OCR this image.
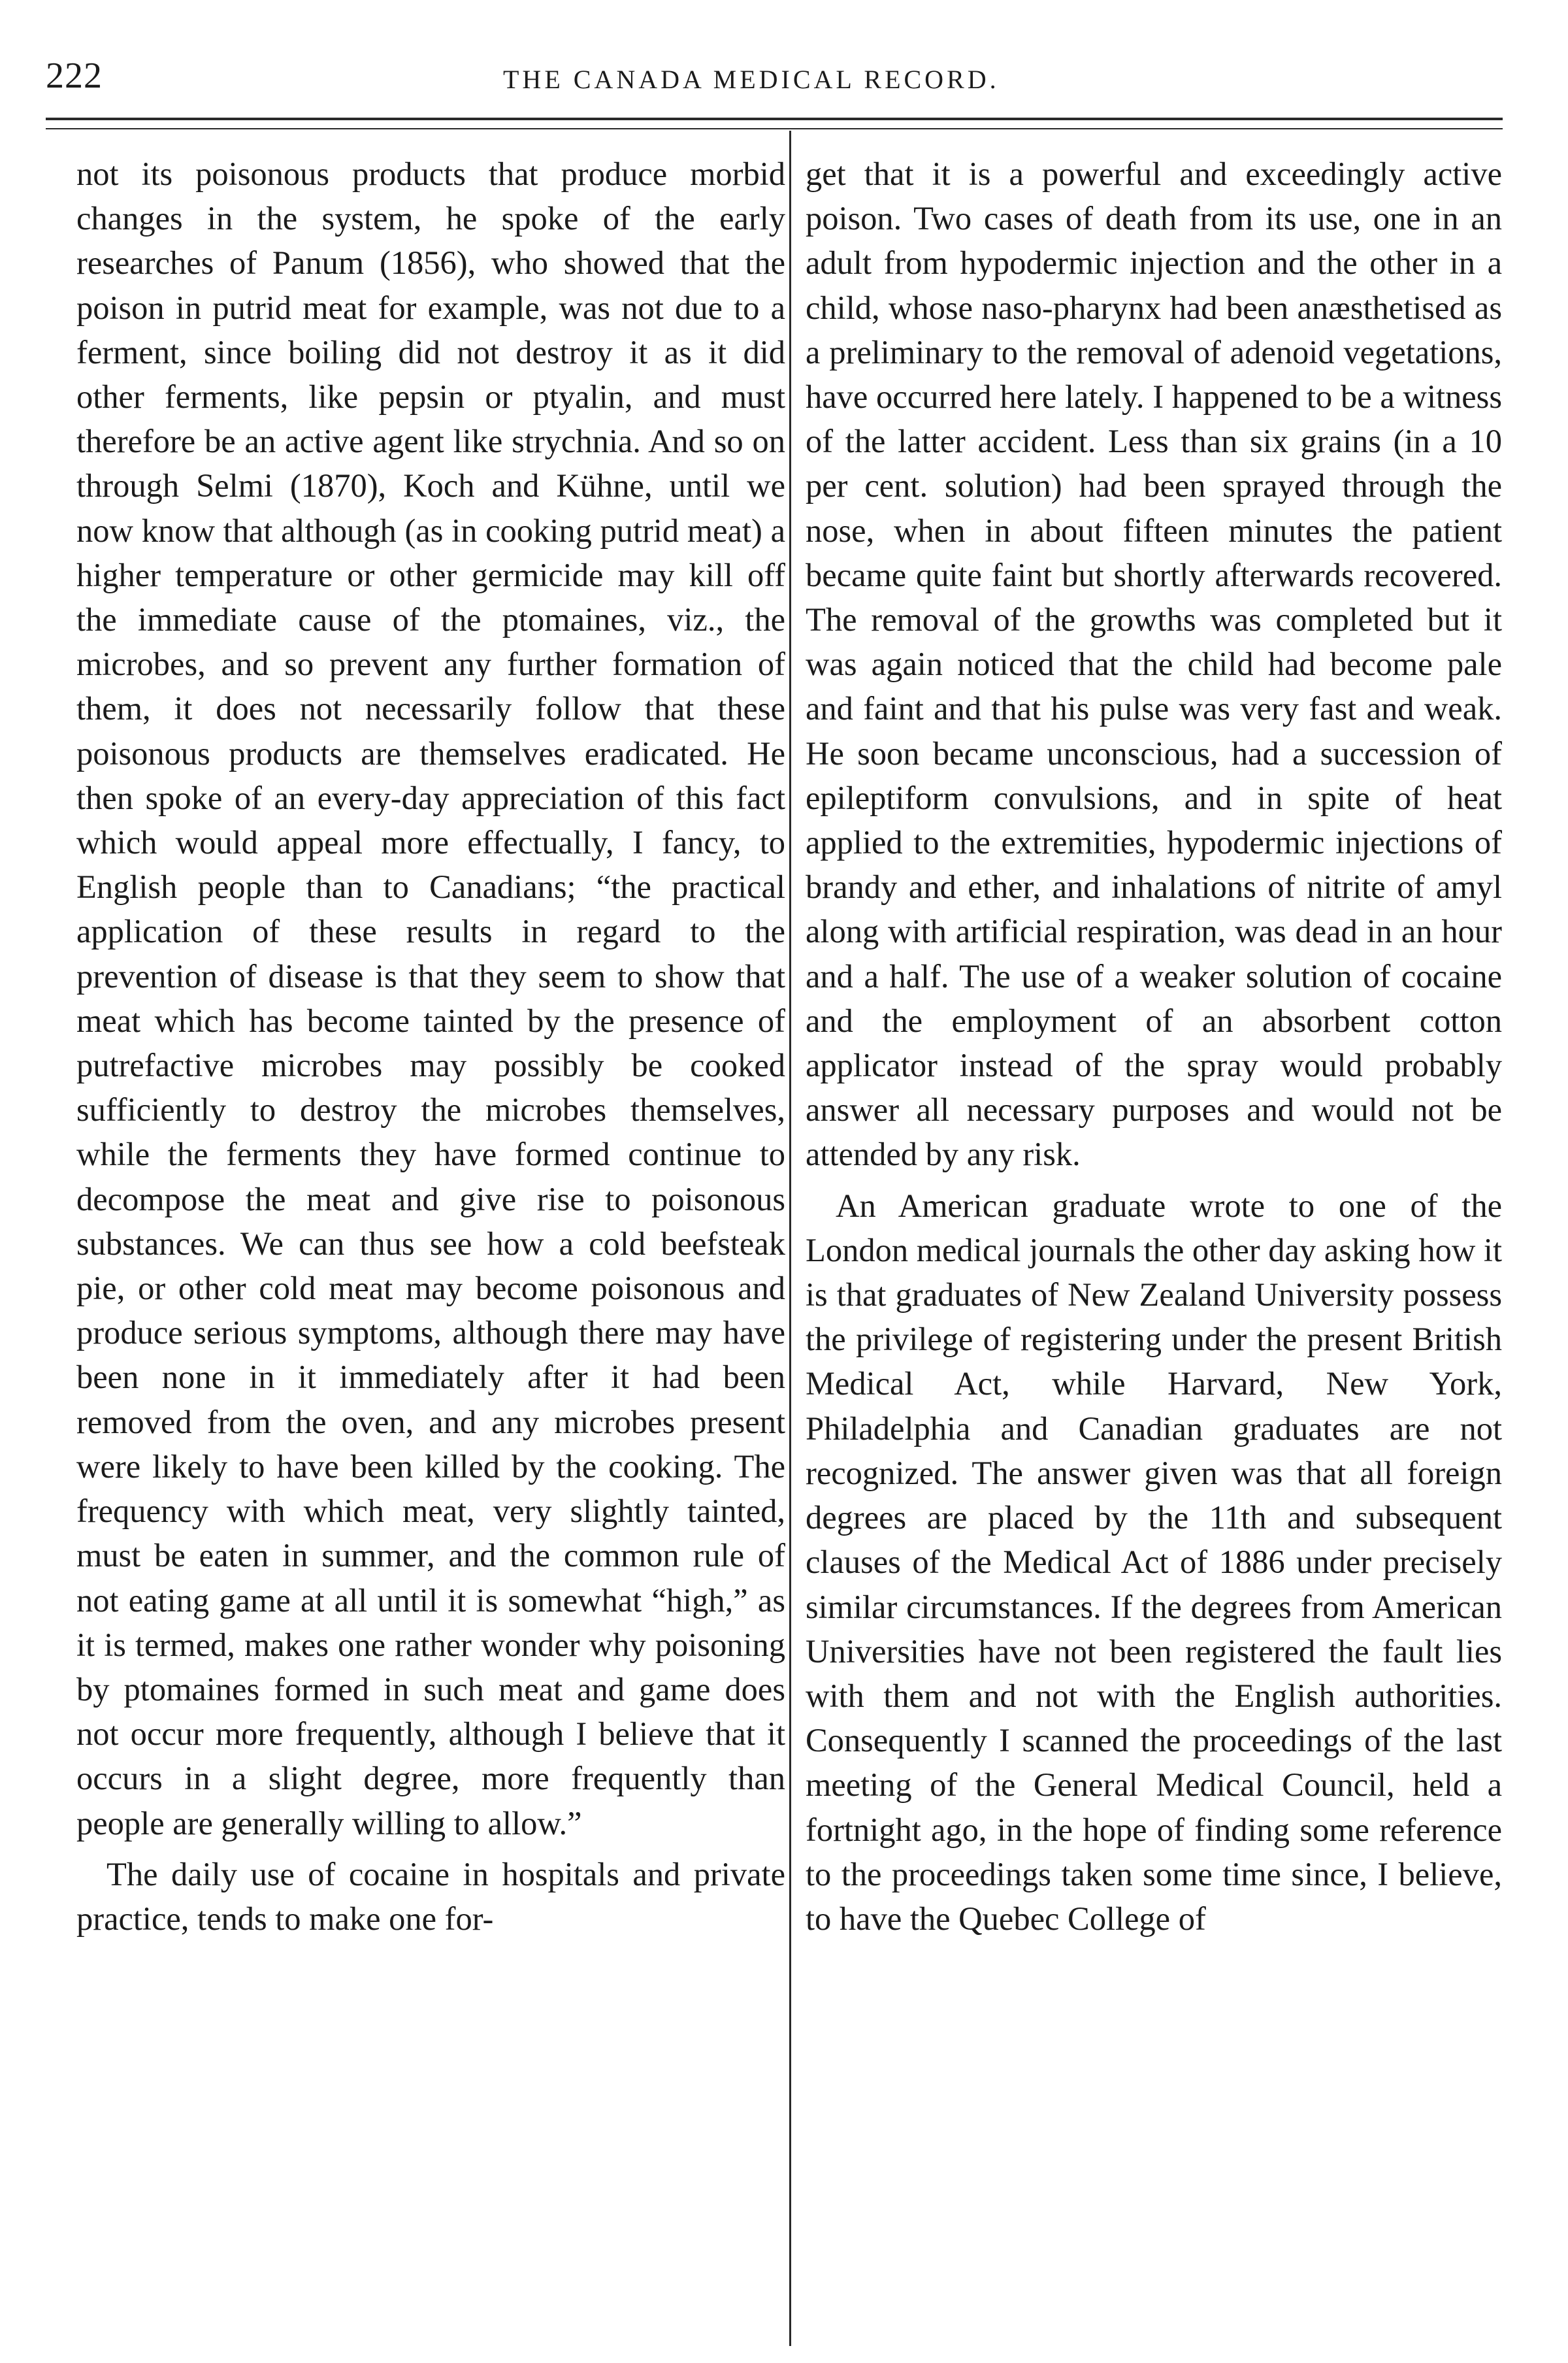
222	THE CANADA MEDICAL RECORD.

not its poisonous products that produce morbid changes in the system, he spoke of the early researches of Panum (1856), who showed that the poison in putrid meat for example, was not due to a ferment, since boiling did not destroy it as it did other ferments, like pepsin or ptyalin, and must therefore be an active agent like strychnia. And so on through Selmi (1870), Koch and Kühne, until we now know that although (as in cooking putrid meat) a higher temperature or other germicide may kill off the immediate cause of the ptomaines, viz., the microbes, and so prevent any further formation of them, it does not necessarily follow that these poisonous products are themselves eradicated. He then spoke of an every-day appreciation of this fact which would appeal more effectually, I fancy, to English people than to Canadians; “the practical application of these results in regard to the prevention of disease is that they seem to show that meat which has become tainted by the presence of putrefactive microbes may possibly be cooked sufficiently to destroy the microbes themselves, while the ferments they have formed continue to decompose the meat and give rise to poisonous substances. We can thus see how a cold beefsteak pie, or other cold meat may become poisonous and produce serious symptoms, although there may have been none in it immediately after it had been removed from the oven, and any microbes present were likely to have been killed by the cooking. The frequency with which meat, very slightly tainted, must be eaten in summer, and the common rule of not eating game at all until it is somewhat “high,” as it is termed, makes one rather wonder why poisoning by ptomaines formed in such meat and game does not occur more frequently, although I believe that it occurs in a slight degree, more frequently than people are generally willing to allow.”

The daily use of cocaine in hospitals and private practice, tends to make one for-

get that it is a powerful and exceedingly active poison. Two cases of death from its use, one in an adult from hypodermic injection and the other in a child, whose naso-pharynx had been anæsthetised as a preliminary to the removal of adenoid vegetations, have occurred here lately. I happened to be a witness of the latter accident. Less than six grains (in a 10 per cent. solution) had been sprayed through the nose, when in about fifteen minutes the patient became quite faint but shortly afterwards recovered. The removal of the growths was completed but it was again noticed that the child had become pale and faint and that his pulse was very fast and weak. He soon became unconscious, had a succession of epileptiform convulsions, and in spite of heat applied to the extremities, hypodermic injections of brandy and ether, and inhalations of nitrite of amyl along with artificial respiration, was dead in an hour and a half. The use of a weaker solution of cocaine and the employment of an absorbent cotton applicator instead of the spray would probably answer all necessary purposes and would not be attended by any risk.

An American graduate wrote to one of the London medical journals the other day asking how it is that graduates of New Zealand University possess the privilege of registering under the present British Medical Act, while Harvard, New York, Philadelphia and Canadian graduates are not recognized. The answer given was that all foreign degrees are placed by the 11th and subsequent clauses of the Medical Act of 1886 under precisely similar circumstances. If the degrees from American Universities have not been registered the fault lies with them and not with the English authorities. Consequently I scanned the proceedings of the last meeting of the General Medical Council, held a fortnight ago, in the hope of finding some reference to the proceedings taken some time since, I believe, to have the Quebec College of
